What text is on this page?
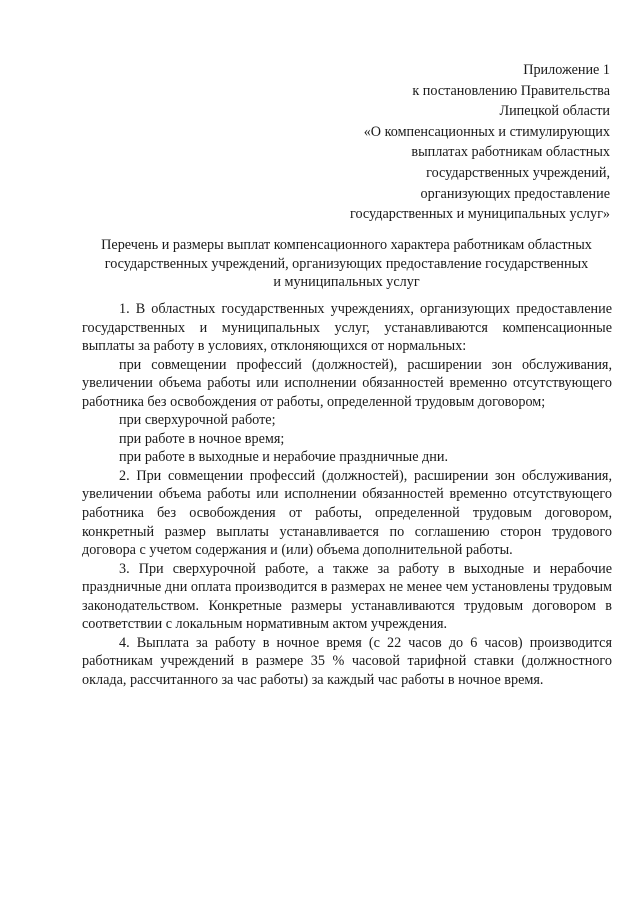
Приложение 1
к постановлению Правительства
Липецкой области
«О компенсационных и стимулирующих
выплатах работникам областных
государственных учреждений,
организующих предоставление
государственных и муниципальных услуг»
Перечень и размеры выплат компенсационного характера работникам областных
государственных учреждений, организующих предоставление государственных
и муниципальных услуг

1. В областных государственных учреждениях, организующих предоставление государственных и муниципальных услуг, устанавливаются компенсационные выплаты за работу в условиях, отклоняющихся от нормальных:

при совмещении профессий (должностей), расширении зон обслуживания, увеличении объема работы или исполнении обязанностей временно отсутствующего работника без освобождения от работы, определенной трудовым договором;

при сверхурочной работе;

при работе в ночное время;

при работе в выходные и нерабочие праздничные дни.

2. При совмещении профессий (должностей), расширении зон обслуживания, увеличении объема работы или исполнении обязанностей временно отсутствующего работника без освобождения от работы, определенной трудовым договором, конкретный размер выплаты устанавливается по соглашению сторон трудового договора с учетом содержания и (или) объема дополнительной работы.

3. При сверхурочной работе, а также за работу в выходные и нерабочие праздничные дни оплата производится в размерах не менее чем установлены трудовым законодательством. Конкретные размеры устанавливаются трудовым договором в соответствии с локальным нормативным актом учреждения.

4. Выплата за работу в ночное время (с 22 часов до 6 часов) производится работникам учреждений в размере 35 % часовой тарифной ставки (должностного оклада, рассчитанного за час работы) за каждый час работы в ночное время.
